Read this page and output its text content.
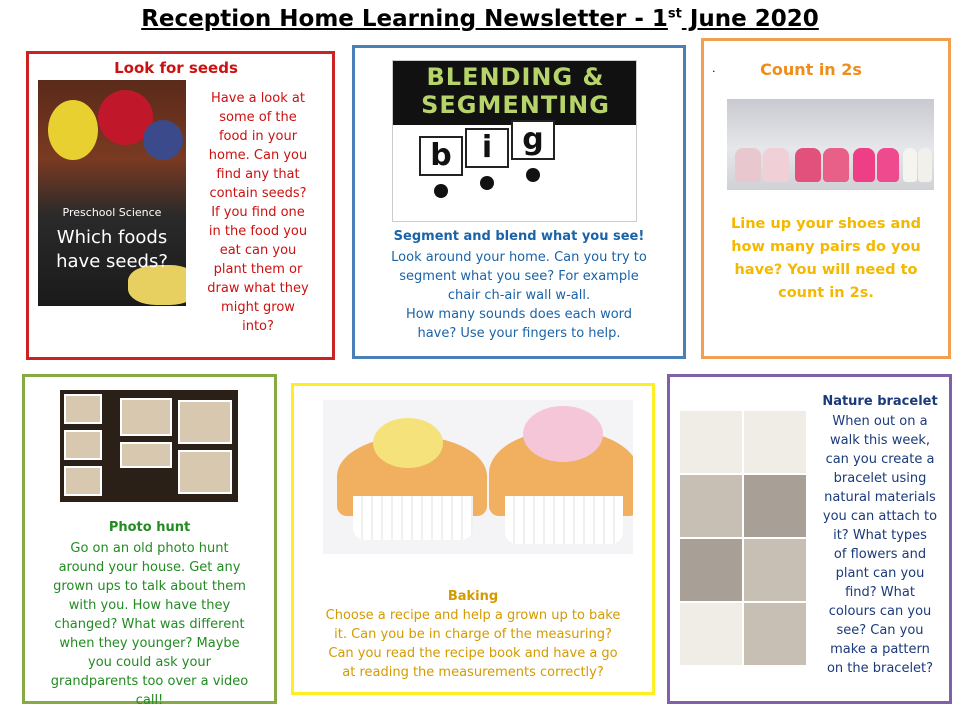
Reception Home Learning Newsletter - 1st June 2020
Look for seeds
Preschool Science
Which foods have seeds?
Have a look at
some of the
food in your
home. Can you
find any that
contain seeds?
If you find one
in the food you
eat can you
plant them or
draw what they
might grow
into?
BLENDING &
SEGMENTING
b	i	g
Segment and blend what you see!
Look around your home. Can you try to
segment what you see? For example
chair ch-air wall w-all.
How many sounds does each word
have? Use your fingers to help.
·	Count in 2s
Line up your shoes and
how many pairs do you
have? You will need to
count in 2s.
Photo hunt
Go on an old photo hunt
around your house. Get any
grown ups to talk about them
with you. How have they
changed? What was different
when they younger? Maybe
you could ask your
grandparents too over a video
call!
Baking
Choose a recipe and help a grown up to bake
it. Can you be in charge of the measuring?
Can you read the recipe book and have a go
at reading the measurements correctly?
Nature bracelet
When out on a
walk this week,
can you create a
bracelet using
natural materials
you can attach to
it? What types
of flowers and
plant can you
find? What
colours can you
see? Can you
make a pattern
on the bracelet?
